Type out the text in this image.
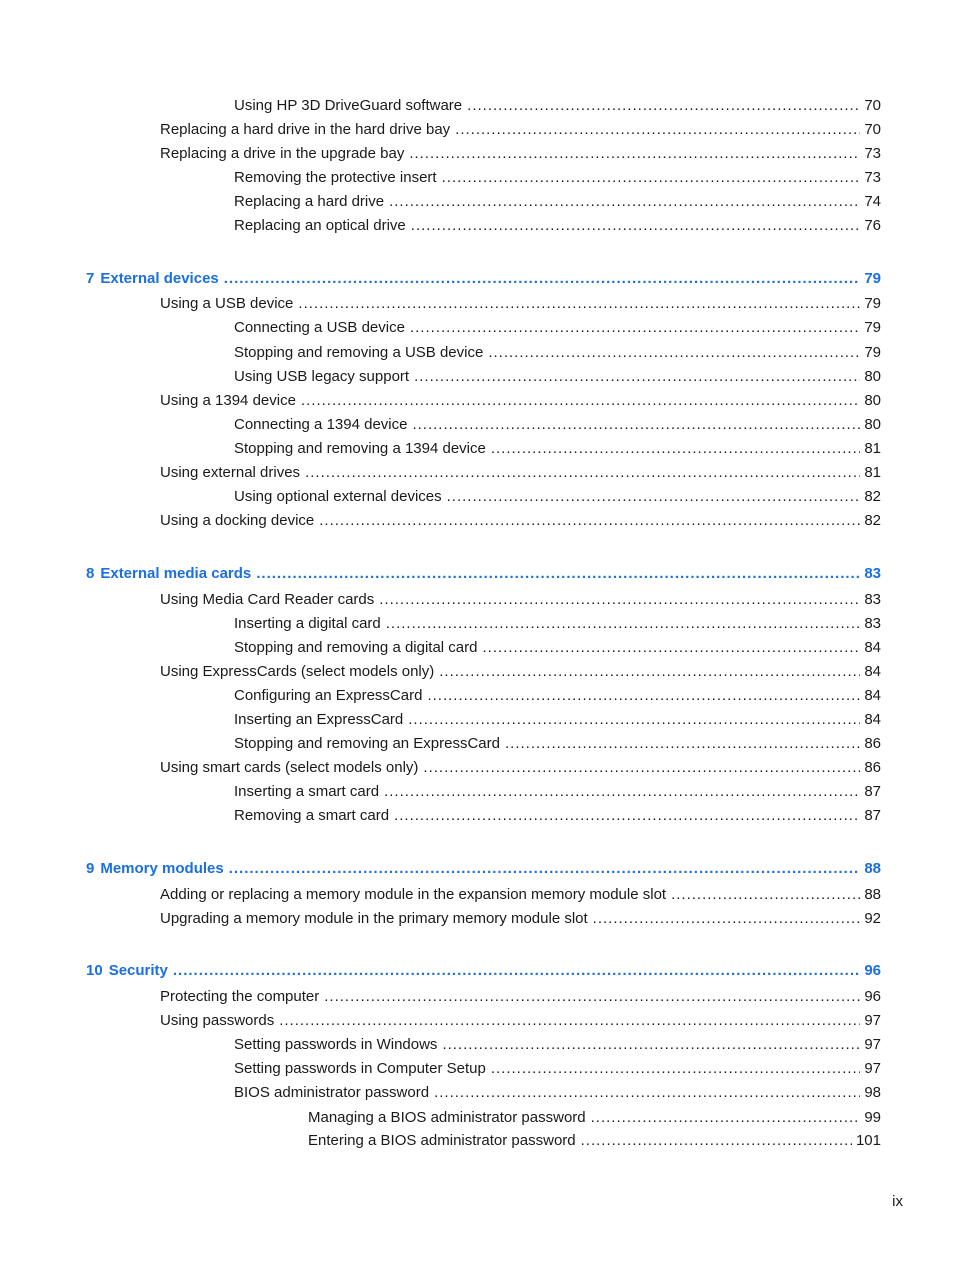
Using HP 3D DriveGuard software .....	70
Replacing a hard drive in the hard drive bay .....	70
Replacing a drive in the upgrade bay .....	73
Removing the protective insert .....	73
Replacing a hard drive .....	74
Replacing an optical drive .....	76
7 External devices .....	79
Using a USB device .....	79
Connecting a USB device .....	79
Stopping and removing a USB device .....	79
Using USB legacy support .....	80
Using a 1394 device .....	80
Connecting a 1394 device .....	80
Stopping and removing a 1394 device .....	81
Using external drives .....	81
Using optional external devices .....	82
Using a docking device .....	82
8 External media cards .....	83
Using Media Card Reader cards .....	83
Inserting a digital card .....	83
Stopping and removing a digital card .....	84
Using ExpressCards (select models only) .....	84
Configuring an ExpressCard .....	84
Inserting an ExpressCard .....	84
Stopping and removing an ExpressCard .....	86
Using smart cards (select models only) .....	86
Inserting a smart card .....	87
Removing a smart card .....	87
9 Memory modules .....	88
Adding or replacing a memory module in the expansion memory module slot .....	88
Upgrading a memory module in the primary memory module slot .....	92
10 Security .....	96
Protecting the computer .....	96
Using passwords .....	97
Setting passwords in Windows .....	97
Setting passwords in Computer Setup .....	97
BIOS administrator password .....	98
Managing a BIOS administrator password .....	99
Entering a BIOS administrator password .....	101
ix
